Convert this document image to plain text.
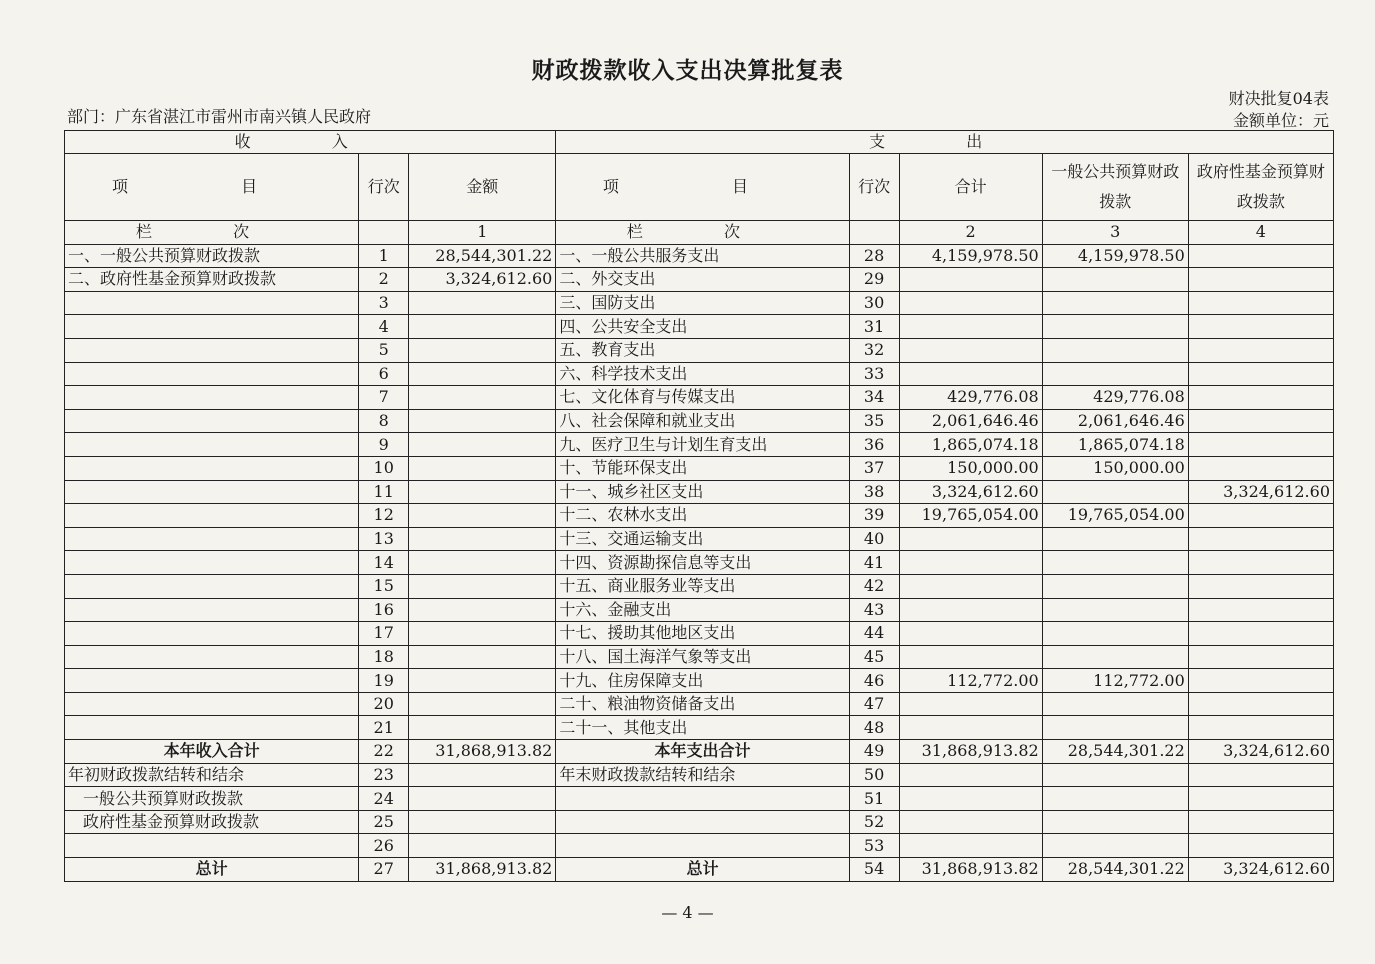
财政拨款收入支出决算批复表
部门：广东省湛江市雷州市南兴镇人民政府
财决批复04表
金额单位：元
收 入			支 出				
项 目	行次	金额	项 目	行次	合计	一般公共预算财政拨款	政府性基金预算财政拨款
栏 次		1	栏 次		2	3	4
一、一般公共预算财政拨款	1	28,544,301.22	一、一般公共服务支出	28	4,159,978.50	4,159,978.50	
二、政府性基金预算财政拨款	2	3,324,612.60	二、外交支出	29			
	3		三、国防支出	30			
	4		四、公共安全支出	31			
	5		五、教育支出	32			
	6		六、科学技术支出	33			
	7		七、文化体育与传媒支出	34	429,776.08	429,776.08	
	8		八、社会保障和就业支出	35	2,061,646.46	2,061,646.46	
	9		九、医疗卫生与计划生育支出	36	1,865,074.18	1,865,074.18	
	10		十、节能环保支出	37	150,000.00	150,000.00	
	11		十一、城乡社区支出	38	3,324,612.60		3,324,612.60
	12		十二、农林水支出	39	19,765,054.00	19,765,054.00	
	13		十三、交通运输支出	40			
	14		十四、资源勘探信息等支出	41			
	15		十五、商业服务业等支出	42			
	16		十六、金融支出	43			
	17		十七、援助其他地区支出	44			
	18		十八、国土海洋气象等支出	45			
	19		十九、住房保障支出	46	112,772.00	112,772.00	
	20		二十、粮油物资储备支出	47			
	21		二十一、其他支出	48			
本年收入合计	22	31,868,913.82	本年支出合计	49	31,868,913.82	28,544,301.22	3,324,612.60
年初财政拨款结转和结余	23		年末财政拨款结转和结余	50			
一般公共预算财政拨款	24			51			
政府性基金预算财政拨款	25			52			
	26			53			
总计	27	31,868,913.82	总计	54	31,868,913.82	28,544,301.22	3,324,612.60
— 4 —
